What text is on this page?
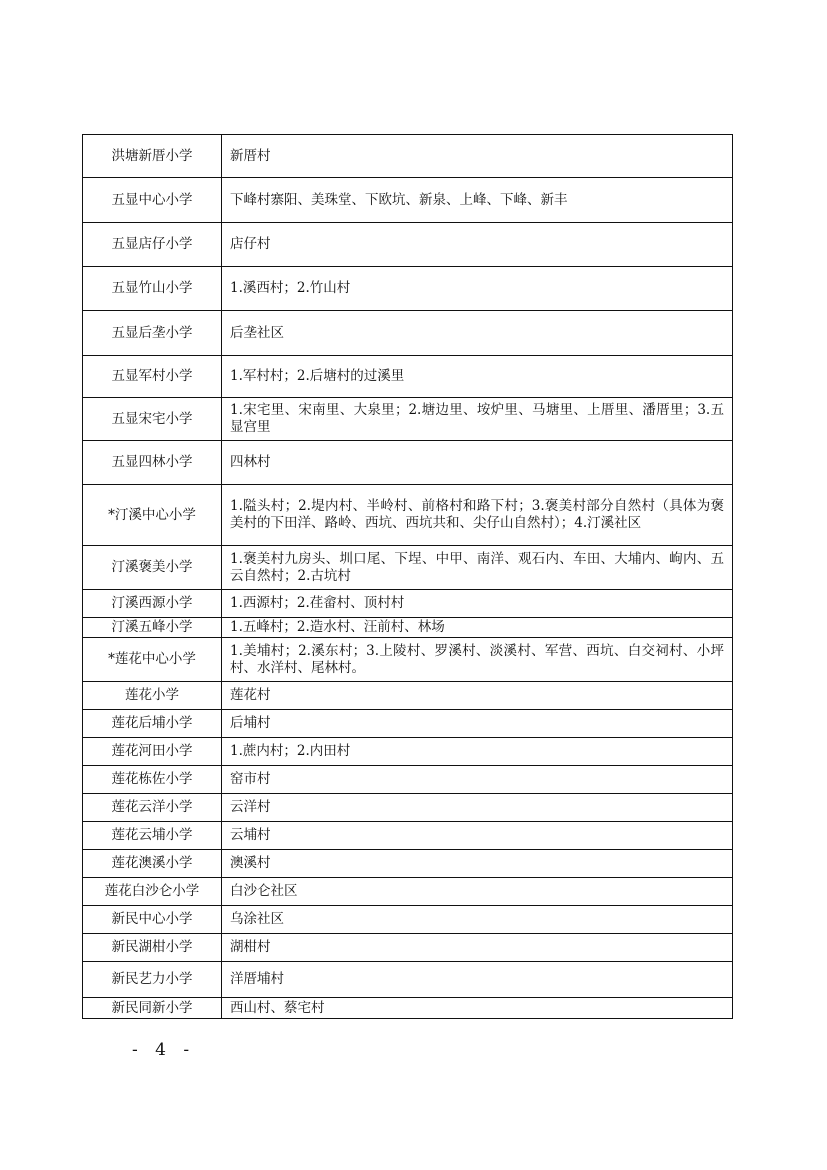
洪塘新厝小学	新厝村
五显中心小学	下峰村寨阳、美珠堂、下欧坑、新泉、上峰、下峰、新丰
五显店仔小学	店仔村
五显竹山小学	1.溪西村；2.竹山村
五显后垄小学	后垄社区
五显军村小学	1.军村村；2.后塘村的过溪里
五显宋宅小学	1.宋宅里、宋南里、大泉里；2.塘边里、垵炉里、马塘里、上厝里、潘厝里；3.五显宫里
五显四林小学	四林村
*汀溪中心小学	1.隘头村；2.堤内村、半岭村、前格村和路下村；3.褒美村部分自然村（具体为褒美村的下田洋、路岭、西坑、西坑共和、尖仔山自然村）；4.汀溪社区
汀溪褒美小学	1.褒美村九房头、圳口尾、下埕、中甲、南洋、观石内、车田、大埔内、岣内、五云自然村；2.古坑村
汀溪西源小学	1.西源村；2.荏畲村、顶村村
汀溪五峰小学	1.五峰村；2.造水村、汪前村、林场
*莲花中心小学	1.美埔村；2.溪东村；3.上陵村、罗溪村、淡溪村、军营、西坑、白交祠村、小坪村、水洋村、尾林村。
莲花小学	莲花村
莲花后埔小学	后埔村
莲花河田小学	1.蔗内村；2.内田村
莲花栋佐小学	窑市村
莲花云洋小学	云洋村
莲花云埔小学	云埔村
莲花澳溪小学	澳溪村
莲花白沙仑小学	白沙仑社区
新民中心小学	乌涂社区
新民湖柑小学	湖柑村
新民艺力小学	洋厝埔村
新民同新小学	西山村、蔡宅村
- 4 -
